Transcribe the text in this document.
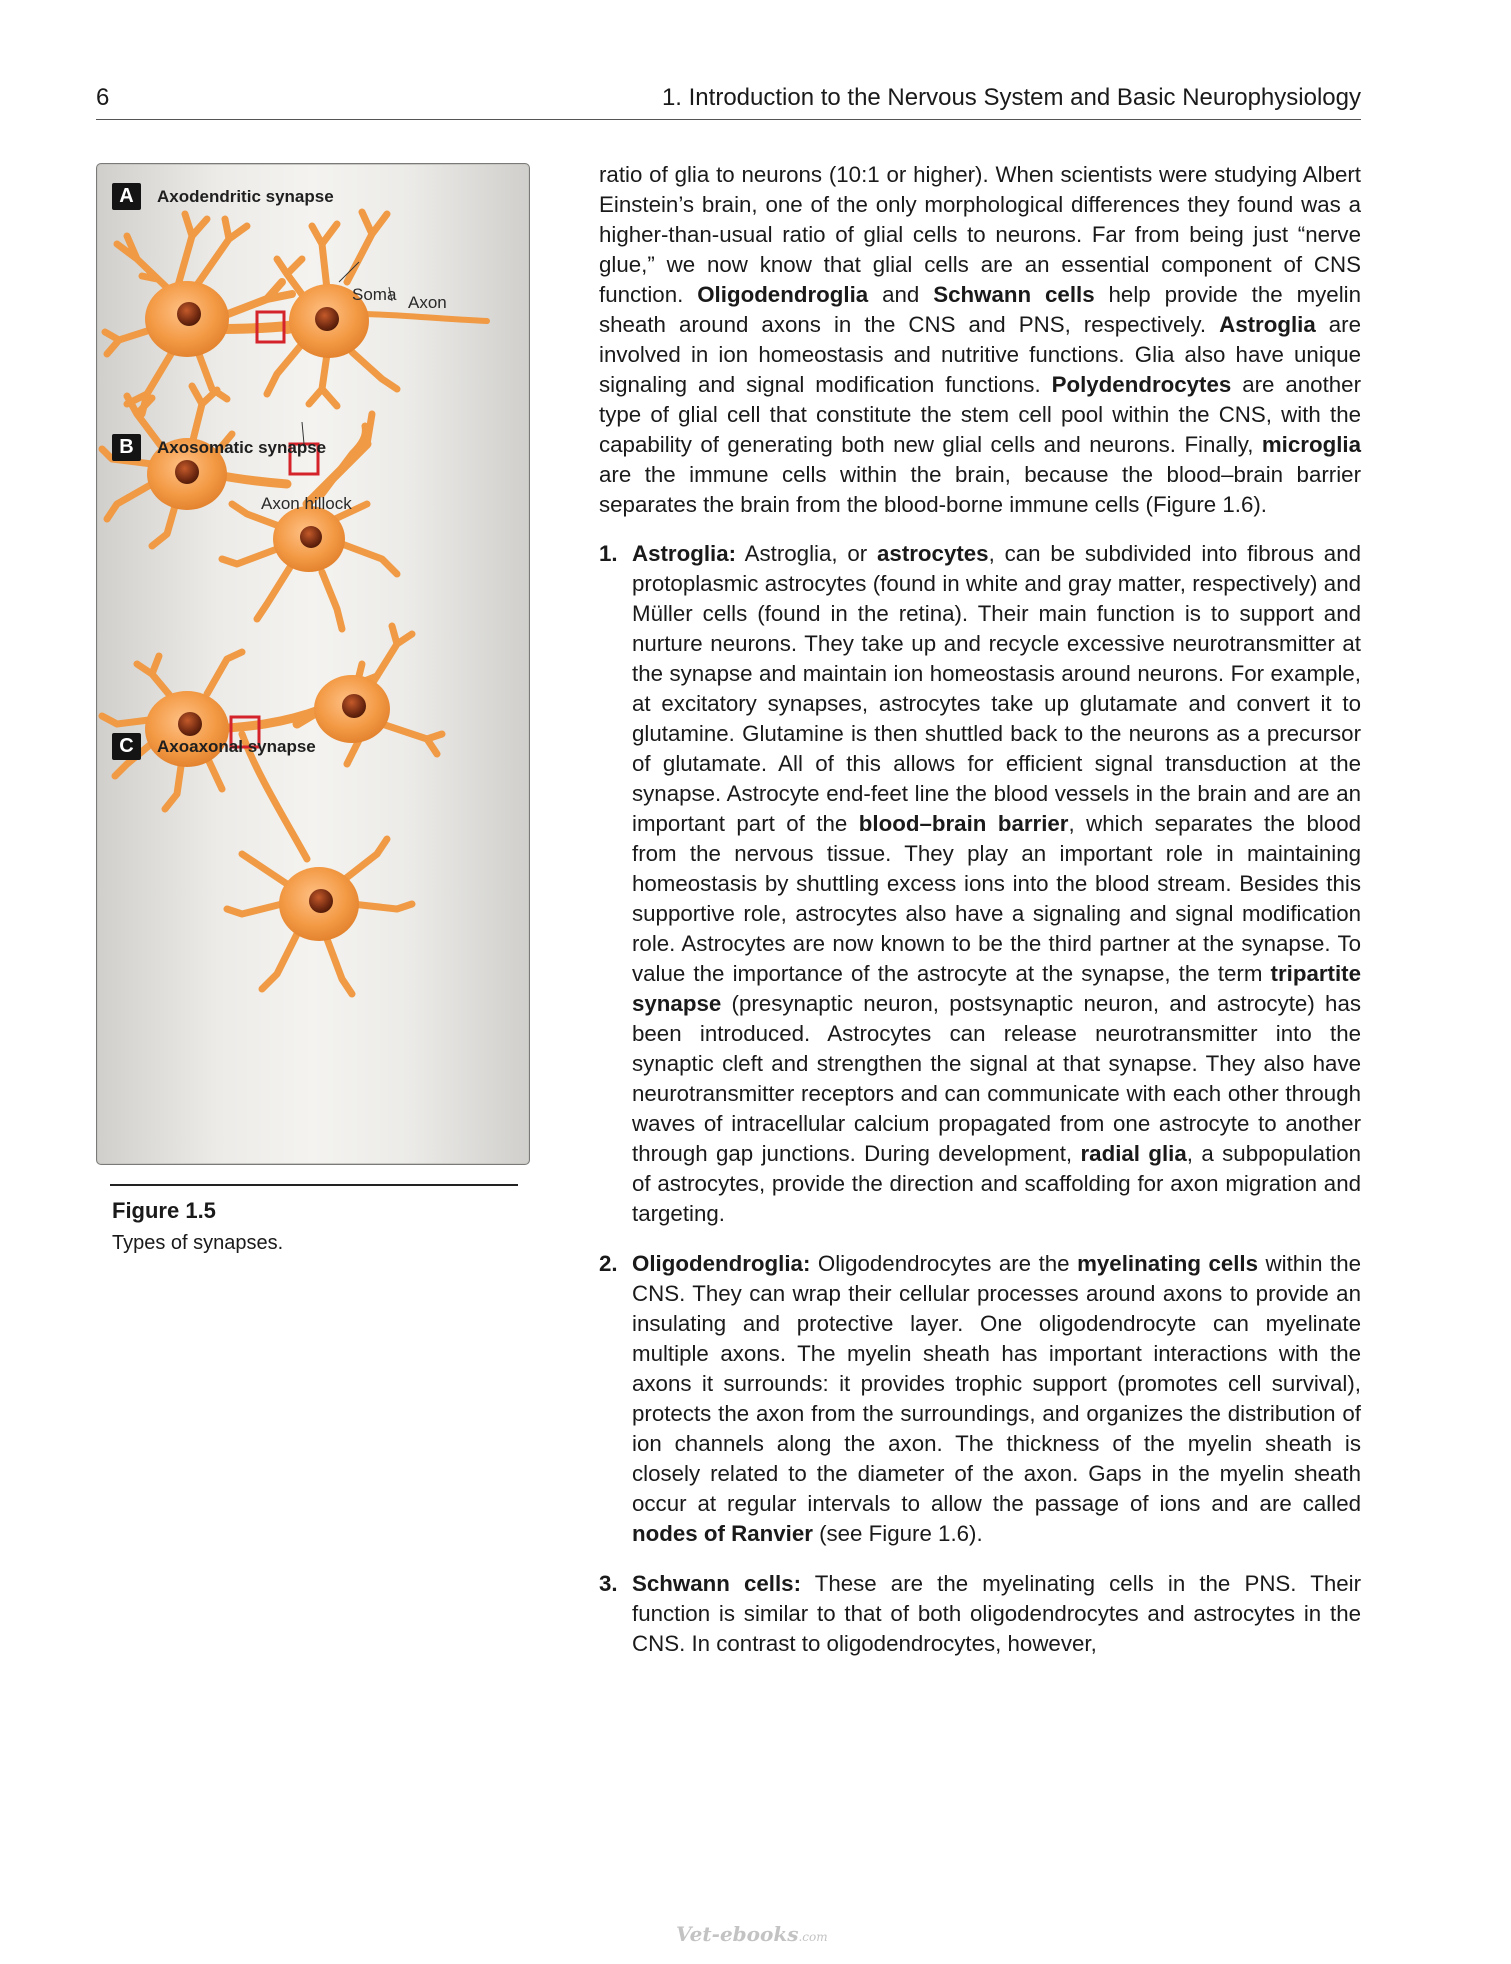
6	1. Introduction to the Nervous System and Basic Neurophysiology
A	Axodendritic synapse
Soma Axon
B	Axosomatic synapse
Axon hillock
C	Axoaxonal synapse
Figure 1.5
Types of synapses.

ratio of glia to neurons (10:1 or higher). When scientists were studying Albert Einstein’s brain, one of the only morphological differences they found was a higher-than-usual ratio of glial cells to neurons. Far from being just “nerve glue,” we now know that glial cells are an essential component of CNS function. Oligodendroglia and Schwann cells help provide the myelin sheath around axons in the CNS and PNS, respectively. Astroglia are involved in ion homeostasis and nutritive functions. Glia also have unique signaling and signal modification functions. Polydendrocytes are another type of glial cell that constitute the stem cell pool within the CNS, with the capability of generating both new glial cells and neurons. Finally, microglia are the immune cells within the brain, because the blood–brain barrier separates the brain from the blood-borne immune cells (Figure 1.6).

1. Astroglia: Astroglia, or astrocytes, can be subdivided into fibrous and protoplasmic astrocytes (found in white and gray matter, respectively) and Müller cells (found in the retina). Their main function is to support and nurture neurons. They take up and recycle excessive neurotransmitter at the synapse and maintain ion homeostasis around neurons. For example, at excitatory synapses, astrocytes take up glutamate and convert it to glutamine. Glutamine is then shuttled back to the neurons as a precursor of glutamate. All of this allows for efficient signal transduction at the synapse. Astrocyte end-feet line the blood vessels in the brain and are an important part of the blood–brain barrier, which separates the blood from the nervous tissue. They play an important role in maintaining homeostasis by shuttling excess ions into the blood stream. Besides this supportive role, astrocytes also have a signaling and signal modification role. Astrocytes are now known to be the third partner at the synapse. To value the importance of the astrocyte at the synapse, the term tripartite synapse (presynaptic neuron, postsynaptic neuron, and astrocyte) has been introduced. Astrocytes can release neurotransmitter into the synaptic cleft and strengthen the signal at that synapse. They also have neurotransmitter receptors and can communicate with each other through waves of intracellular calcium propagated from one astrocyte to another through gap junctions. During development, radial glia, a subpopulation of astrocytes, provide the direction and scaffolding for axon migration and targeting.
2. Oligodendroglia: Oligodendrocytes are the myelinating cells within the CNS. They can wrap their cellular processes around axons to provide an insulating and protective layer. One oligodendrocyte can myelinate multiple axons. The myelin sheath has important interactions with the axons it surrounds: it provides trophic support (promotes cell survival), protects the axon from the surroundings, and organizes the distribution of ion channels along the axon. The thickness of the myelin sheath is closely related to the diameter of the axon. Gaps in the myelin sheath occur at regular intervals to allow the passage of ions and are called nodes of Ranvier (see Figure 1.6).
3. Schwann cells: These are the myelinating cells in the PNS. Their function is similar to that of both oligodendrocytes and astrocytes in the CNS. In contrast to oligodendrocytes, however,
Vet-ebooks.com
